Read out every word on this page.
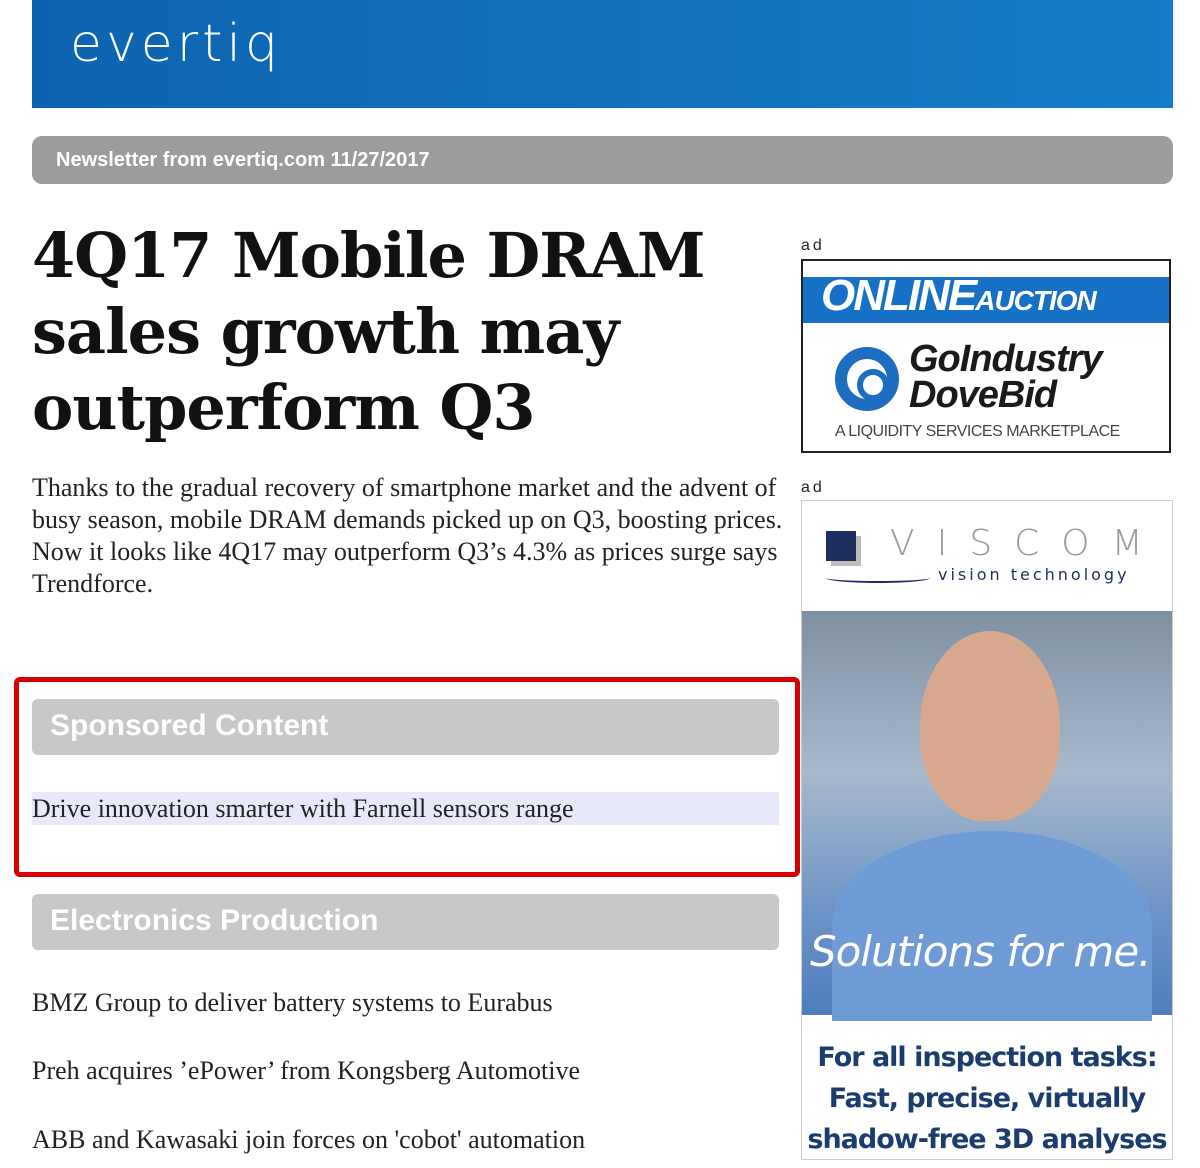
evertiq
Newsletter from evertiq.com 11/27/2017
4Q17 Mobile DRAM sales growth may outperform Q3

Thanks to the gradual recovery of smartphone market and the advent of busy season, mobile DRAM demands picked up on Q3, boosting prices. Now it looks like 4Q17 may outperform Q3’s 4.3% as prices surge says Trendforce.

Sponsored Content
Drive innovation smarter with Farnell sensors range
Electronics Production
BMZ Group to deliver battery systems to Eurabus
Preh acquires ’ePower’ from Kongsberg Automotive
ABB and Kawasaki join forces on 'cobot' automation
ad
ONLINEAUCTION
GoIndustry
DoveBid
A LIQUIDITY SERVICES MARKETPLACE
ad
VISCOM
vision technology
Solutions for me.
For all inspection tasks:
Fast, precise, virtually
shadow-free 3D analyses
